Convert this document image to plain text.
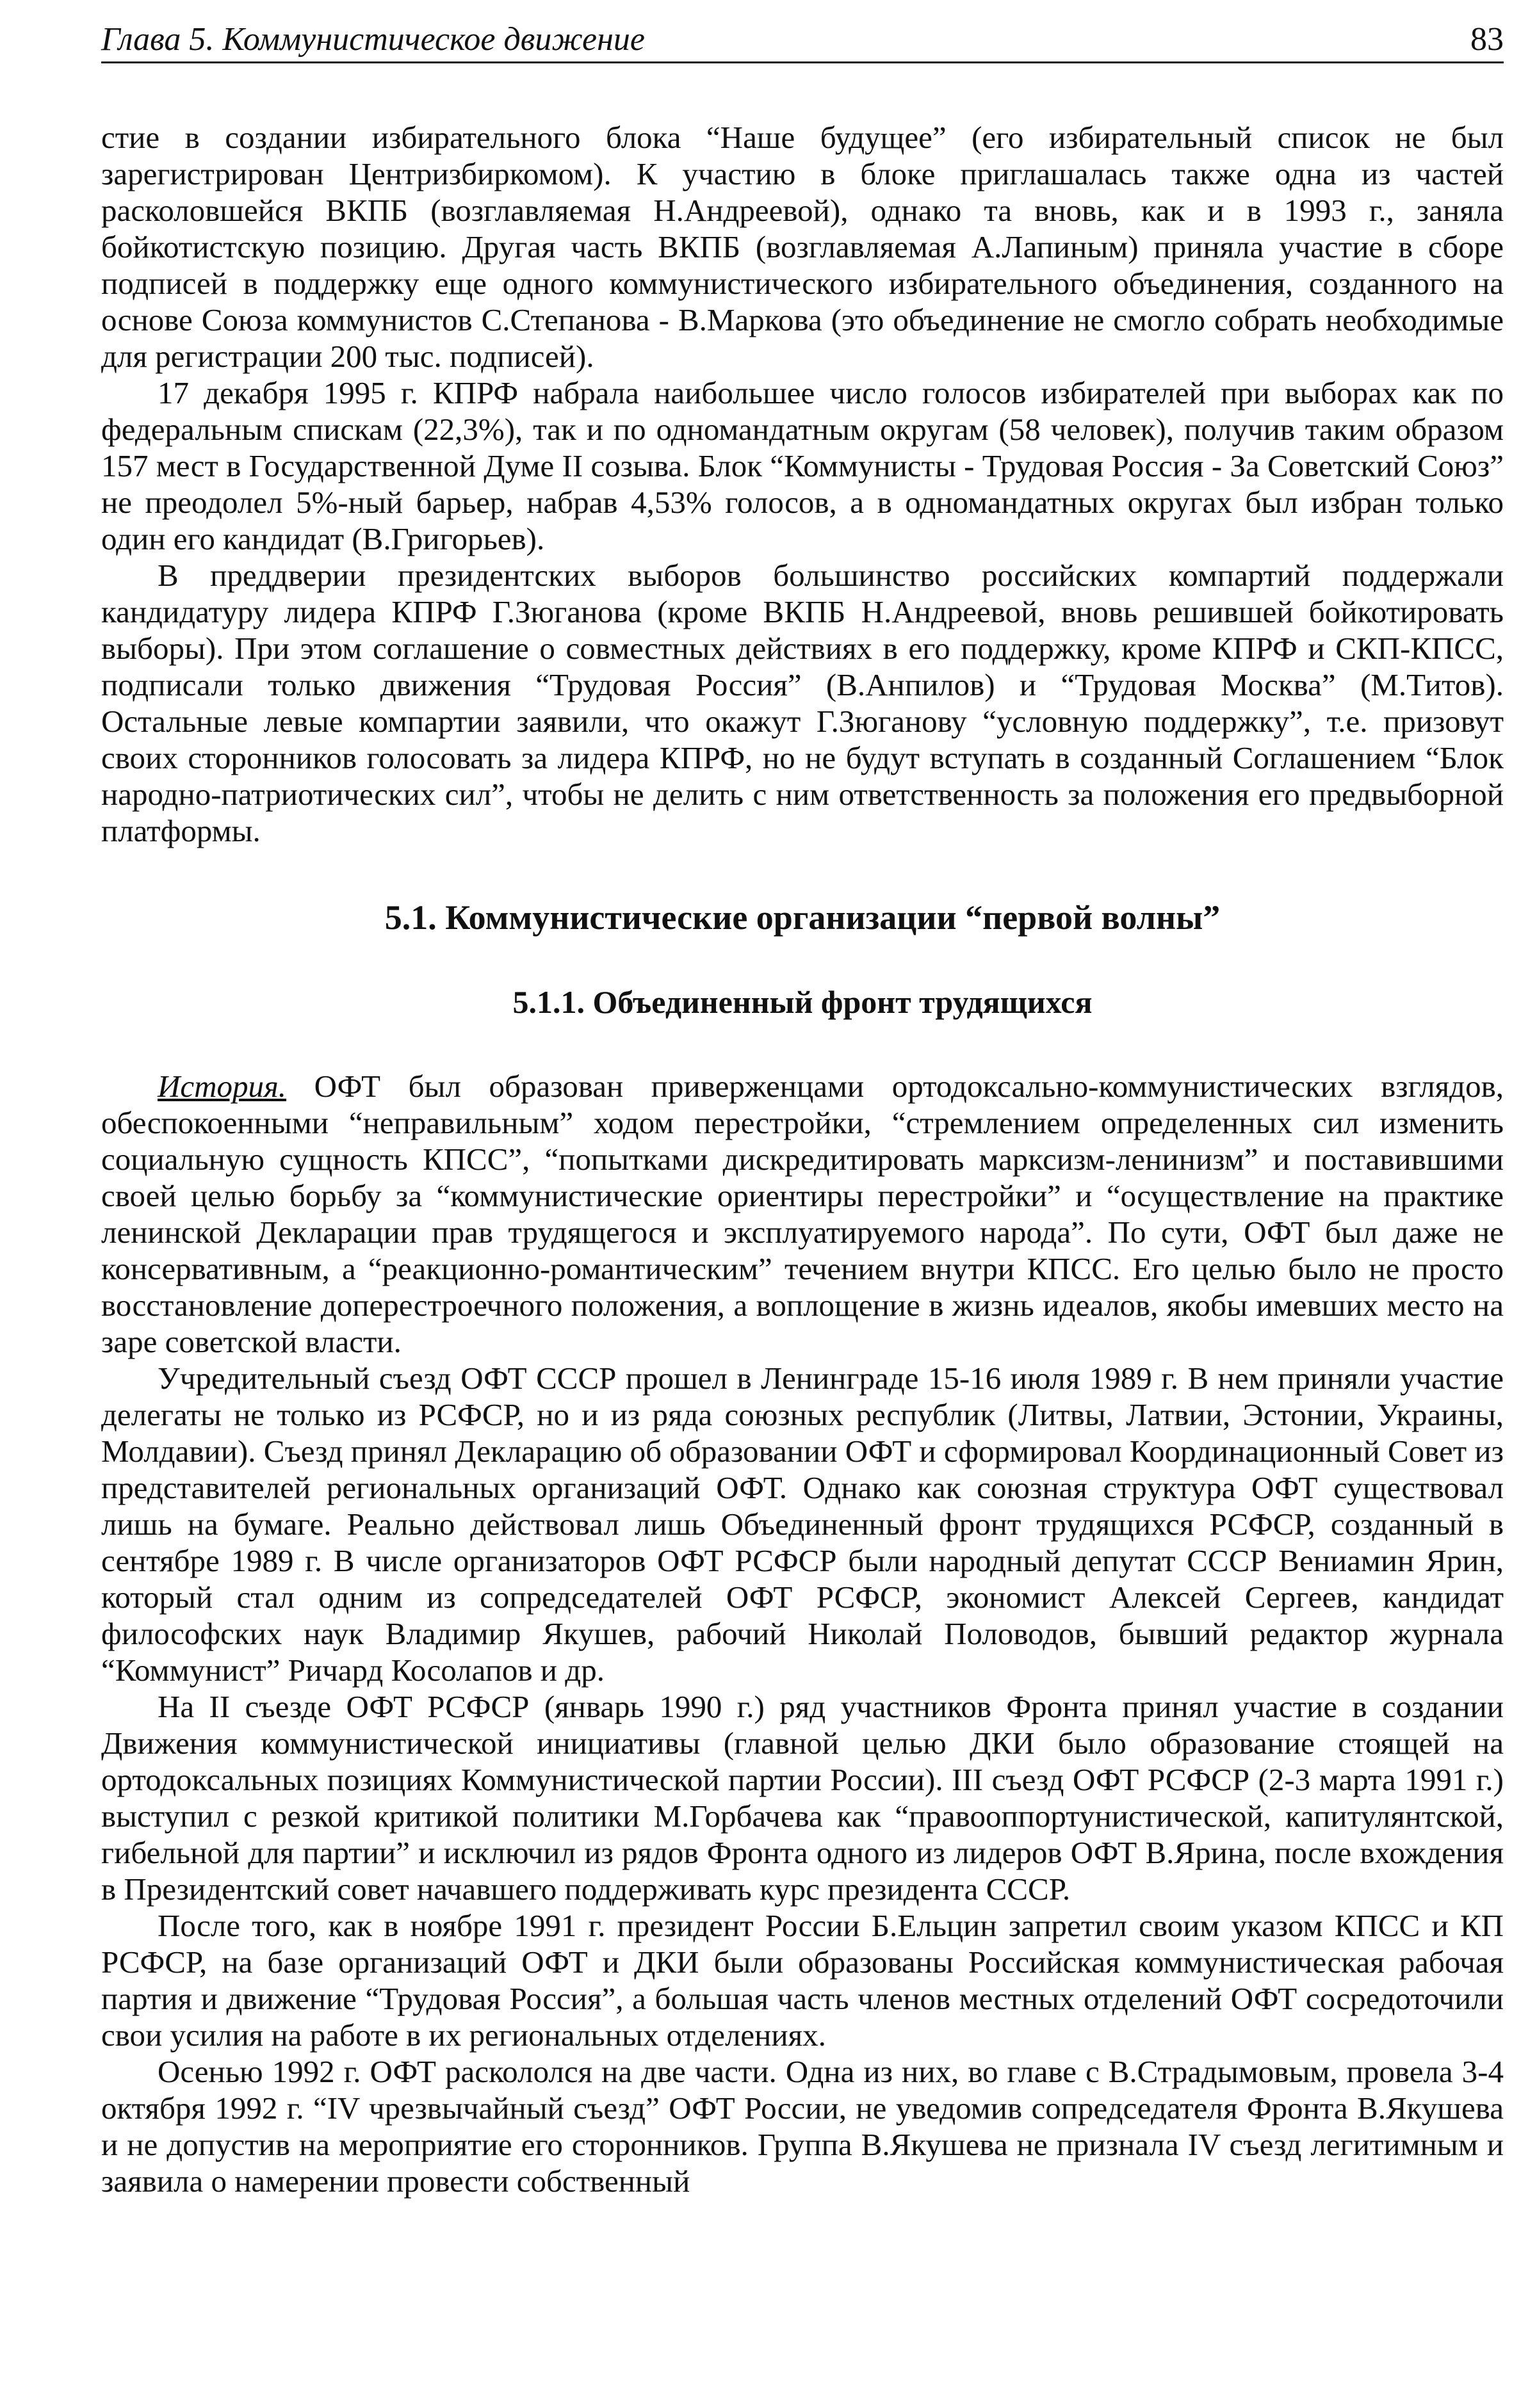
Глава 5. Коммунистическое движение	83

стие в создании избирательного блока “Наше будущее” (его избирательный список не был зарегистрирован Центризбиркомом). К участию в блоке приглашалась также одна из частей расколовшейся ВКПБ (возглавляемая Н.Андреевой), однако та вновь, как и в 1993 г., заняла бойкотистскую позицию. Другая часть ВКПБ (возглавляемая А.Лапиным) приняла участие в сборе подписей в поддержку еще одного коммунистического избирательного объединения, созданного на основе Союза коммунистов С.Степанова - В.Маркова (это объединение не смогло собрать необходимые для регистрации 200 тыс. подписей).

17 декабря 1995 г. КПРФ набрала наибольшее число голосов избирателей при выборах как по федеральным спискам (22,3%), так и по одномандатным округам (58 человек), получив таким образом 157 мест в Государственной Думе II созыва. Блок “Коммунисты - Трудовая Россия - За Советский Союз” не преодолел 5%-ный барьер, набрав 4,53% голосов, а в одномандатных округах был избран только один его кандидат (В.Григорьев).

В преддверии президентских выборов большинство российских компартий поддержали кандидатуру лидера КПРФ Г.Зюганова (кроме ВКПБ Н.Андреевой, вновь решившей бойкотировать выборы). При этом соглашение о совместных действиях в его поддержку, кроме КПРФ и СКП-КПСС, подписали только движения “Трудовая Россия” (В.Анпилов) и “Трудовая Москва” (М.Титов). Остальные левые компартии заявили, что окажут Г.Зюганову “условную поддержку”, т.е. призовут своих сторонников голосовать за лидера КПРФ, но не будут вступать в созданный Соглашением “Блок народно-патриотических сил”, чтобы не делить с ним ответственность за положения его предвыборной платформы.

5.1. Коммунистические организации “первой волны”
5.1.1. Объединенный фронт трудящихся

История. ОФТ был образован приверженцами ортодоксально-коммунистических взглядов, обеспокоенными “неправильным” ходом перестройки, “стремлением определенных сил изменить социальную сущность КПСС”, “попытками дискредитировать марксизм-ленинизм” и поставившими своей целью борьбу за “коммунистические ориентиры перестройки” и “осуществление на практике ленинской Декларации прав трудящегося и эксплуатируемого народа”. По сути, ОФТ был даже не консервативным, а “реакционно-романтическим” течением внутри КПСС. Его целью было не просто восстановление доперестроечного положения, а воплощение в жизнь идеалов, якобы имевших место на заре советской власти.

Учредительный съезд ОФТ СССР прошел в Ленинграде 15-16 июля 1989 г. В нем приняли участие делегаты не только из РСФСР, но и из ряда союзных республик (Литвы, Латвии, Эстонии, Украины, Молдавии). Съезд принял Декларацию об образовании ОФТ и сформировал Координационный Совет из представителей региональных организаций ОФТ. Однако как союзная структура ОФТ существовал лишь на бумаге. Реально действовал лишь Объединенный фронт трудящихся РСФСР, созданный в сентябре 1989 г. В числе организаторов ОФТ РСФСР были народный депутат СССР Вениамин Ярин, который стал одним из сопредседателей ОФТ РСФСР, экономист Алексей Сергеев, кандидат философских наук Владимир Якушев, рабочий Николай Половодов, бывший редактор журнала “Коммунист” Ричард Косолапов и др.

На II съезде ОФТ РСФСР (январь 1990 г.) ряд участников Фронта принял участие в создании Движения коммунистической инициативы (главной целью ДКИ было образование стоящей на ортодоксальных позициях Коммунистической партии России). III съезд ОФТ РСФСР (2-3 марта 1991 г.) выступил с резкой критикой политики М.Горбачева как “правооппортунистической, капитулянтской, гибельной для партии” и исключил из рядов Фронта одного из лидеров ОФТ В.Ярина, после вхождения в Президентский совет начавшего поддерживать курс президента СССР.

После того, как в ноябре 1991 г. президент России Б.Ельцин запретил своим указом КПСС и КП РСФСР, на базе организаций ОФТ и ДКИ были образованы Российская коммунистическая рабочая партия и движение “Трудовая Россия”, а большая часть членов местных отделений ОФТ сосредоточили свои усилия на работе в их региональных отделениях.

Осенью 1992 г. ОФТ раскололся на две части. Одна из них, во главе с В.Страдымовым, провела 3-4 октября 1992 г. “IV чрезвычайный съезд” ОФТ России, не уведомив сопредседателя Фронта В.Якушева и не допустив на мероприятие его сторонников. Группа В.Якушева не признала IV съезд легитимным и заявила о намерении провести собственный
